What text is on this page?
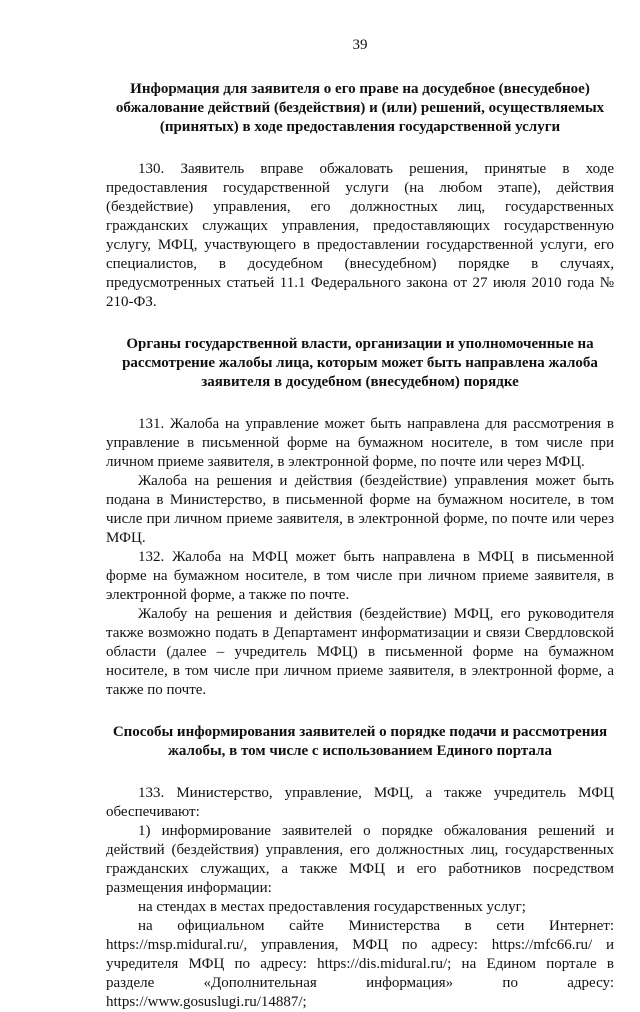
39
Информация для заявителя о его праве на досудебное (внесудебное) обжалование действий (бездействия) и (или) решений, осуществляемых (принятых) в ходе предоставления государственной услуги

130. Заявитель вправе обжаловать решения, принятые в ходе предоставления государственной услуги (на любом этапе), действия (бездействие) управления, его должностных лиц, государственных гражданских служащих управления, предоставляющих государственную услугу, МФЦ, участвующего в предоставлении государственной услуги, его специалистов, в досудебном (внесудебном) порядке в случаях, предусмотренных статьей 11.1 Федерального закона от 27 июля 2010 года № 210-ФЗ.

Органы государственной власти, организации и уполномоченные на рассмотрение жалобы лица, которым может быть направлена жалоба заявителя в досудебном (внесудебном) порядке

131. Жалоба на управление может быть направлена для рассмотрения в управление в письменной форме на бумажном носителе, в том числе при личном приеме заявителя, в электронной форме, по почте или через МФЦ.

Жалоба на решения и действия (бездействие) управления может быть подана в Министерство, в письменной форме на бумажном носителе, в том числе при личном приеме заявителя, в электронной форме, по почте или через МФЦ.

132. Жалоба на МФЦ может быть направлена в МФЦ в письменной форме на бумажном носителе, в том числе при личном приеме заявителя, в электронной форме, а также по почте.

Жалобу на решения и действия (бездействие) МФЦ, его руководителя также возможно подать в Департамент информатизации и связи Свердловской области (далее – учредитель МФЦ) в письменной форме на бумажном носителе, в том числе при личном приеме заявителя, в электронной форме, а также по почте.

Способы информирования заявителей о порядке подачи и рассмотрения жалобы, в том числе с использованием Единого портала

133. Министерство, управление, МФЦ, а также учредитель МФЦ обеспечивают:

1) информирование заявителей о порядке обжалования решений и действий (бездействия) управления, его должностных лиц, государственных гражданских служащих, а также МФЦ и его работников посредством размещения информации:

на стендах в местах предоставления государственных услуг;

на официальном сайте Министерства в сети Интернет: https://msp.midural.ru/, управления, МФЦ по адресу: https://mfc66.ru/ и учредителя МФЦ по адресу: https://dis.midural.ru/; на Едином портале в разделе «Дополнительная информация» по адресу: https://www.gosuslugi.ru/14887/;
